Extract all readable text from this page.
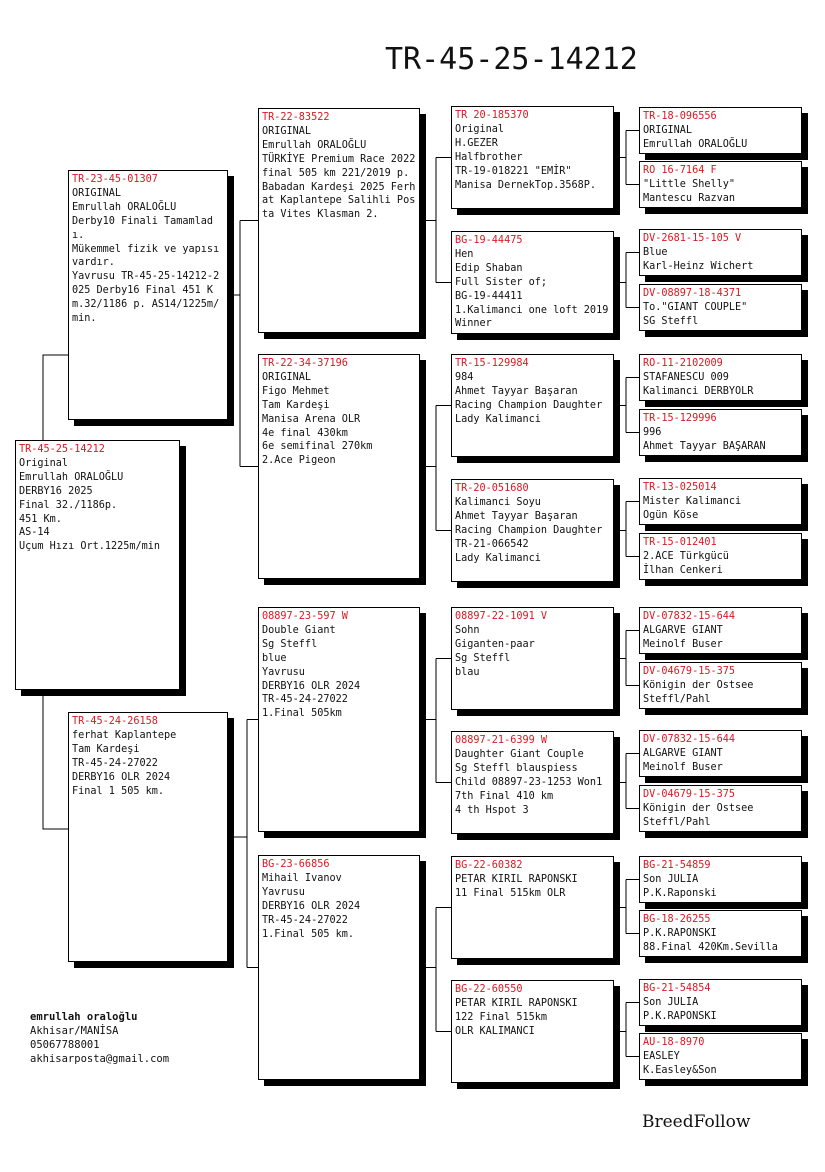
TR-45-25-14212
TR-45-25-14212
Original
Emrullah ORALOĞLU
DERBY16 2025
Final 32./1186p.
451 Km.
AS-14
Uçum Hızı Ort.1225m/min
TR-23-45-01307
ORIGINAL
Emrullah ORALOĞLU
Derby10 Finali Tamamladı.
Mükemmel fizik ve yapısı vardır.
Yavrusu TR-45-25-14212-2025 Derby16 Final 451 Km.32/1186 p. AS14/1225m/min.
TR-45-24-26158
ferhat Kaplantepe
Tam Kardeşi
TR-45-24-27022
DERBY16 OLR 2024
Final 1 505 km.
TR-22-83522
ORIGINAL
Emrullah ORALOĞLU
TÜRKİYE Premium Race 2022 final 505 km 221/2019 p.
Babadan Kardeşi 2025 Ferhat Kaplantepe Salihli Posta Vites Klasman 2.
TR-22-34-37196
ORIGINAL
Figo Mehmet
Tam Kardeşi
Manisa Arena OLR
4e final 430km
6e semifinal 270km
2.Ace Pigeon
08897-23-597 W
Double Giant
Sg Steffl
blue
Yavrusu
DERBY16 OLR 2024
TR-45-24-27022
1.Final 505km
BG-23-66856
Mihail Ivanov
Yavrusu
DERBY16 OLR 2024
TR-45-24-27022
1.Final 505 km.
TR 20-185370
Original
H.GEZER
Halfbrother
TR-19-018221 "EMİR"
Manisa DernekTop.3568P.
BG-19-44475
Hen
Edip Shaban
Full Sister of;
BG-19-44411
1.Kalimanci one loft 2019 Winner
TR-15-129984
984
Ahmet Tayyar Başaran
Racing Champion Daughter
Lady Kalimanci
TR-20-051680
Kalimanci Soyu
Ahmet Tayyar Başaran
Racing Champion Daughter
TR-21-066542
Lady Kalimanci
08897-22-1091 V
Sohn
Giganten-paar
Sg Steffl
blau
08897-21-6399 W
Daughter Giant Couple
Sg Steffl blauspiess
Child 08897-23-1253 Won1
7th Final 410 km
4 th Hspot 3
BG-22-60382
PETAR KIRIL RAPONSKI
11 Final 515km OLR
BG-22-60550
PETAR KIRIL RAPONSKI
122 Final 515km
OLR KALIMANCI
TR-18-096556
ORIGINAL
Emrullah ORALOĞLU
RO 16-7164 F
"Little Shelly"
Mantescu Razvan
DV-2681-15-105 V
Blue
Karl-Heinz Wichert
DV-08897-18-4371
To."GIANT COUPLE"
SG Steffl
RO-11-2102009
STAFANESCU 009
Kalimanci DERBYOLR
TR-15-129996
996
Ahmet Tayyar BAŞARAN
TR-13-025014
Mister Kalimanci
Ogün Köse
TR-15-012401
2.ACE Türkgücü
İlhan Cenkeri
DV-07832-15-644
ALGARVE GIANT
Meinolf Buser
DV-04679-15-375
Königin der Ostsee
Steffl/Pahl
DV-07832-15-644
ALGARVE GIANT
Meinolf Buser
DV-04679-15-375
Königin der Ostsee
Steffl/Pahl
BG-21-54859
Son JULIA
P.K.Raponski
BG-18-26255
P.K.RAPONSKI
88.Final 420Km.Sevilla
BG-21-54854
Son JULIA
P.K.RAPONSKI
AU-18-8970
EASLEY
K.Easley&Son
emrullah oraloğlu
Akhisar/MANİSA
05067788001
akhisarposta@gmail.com
BreedFollow
